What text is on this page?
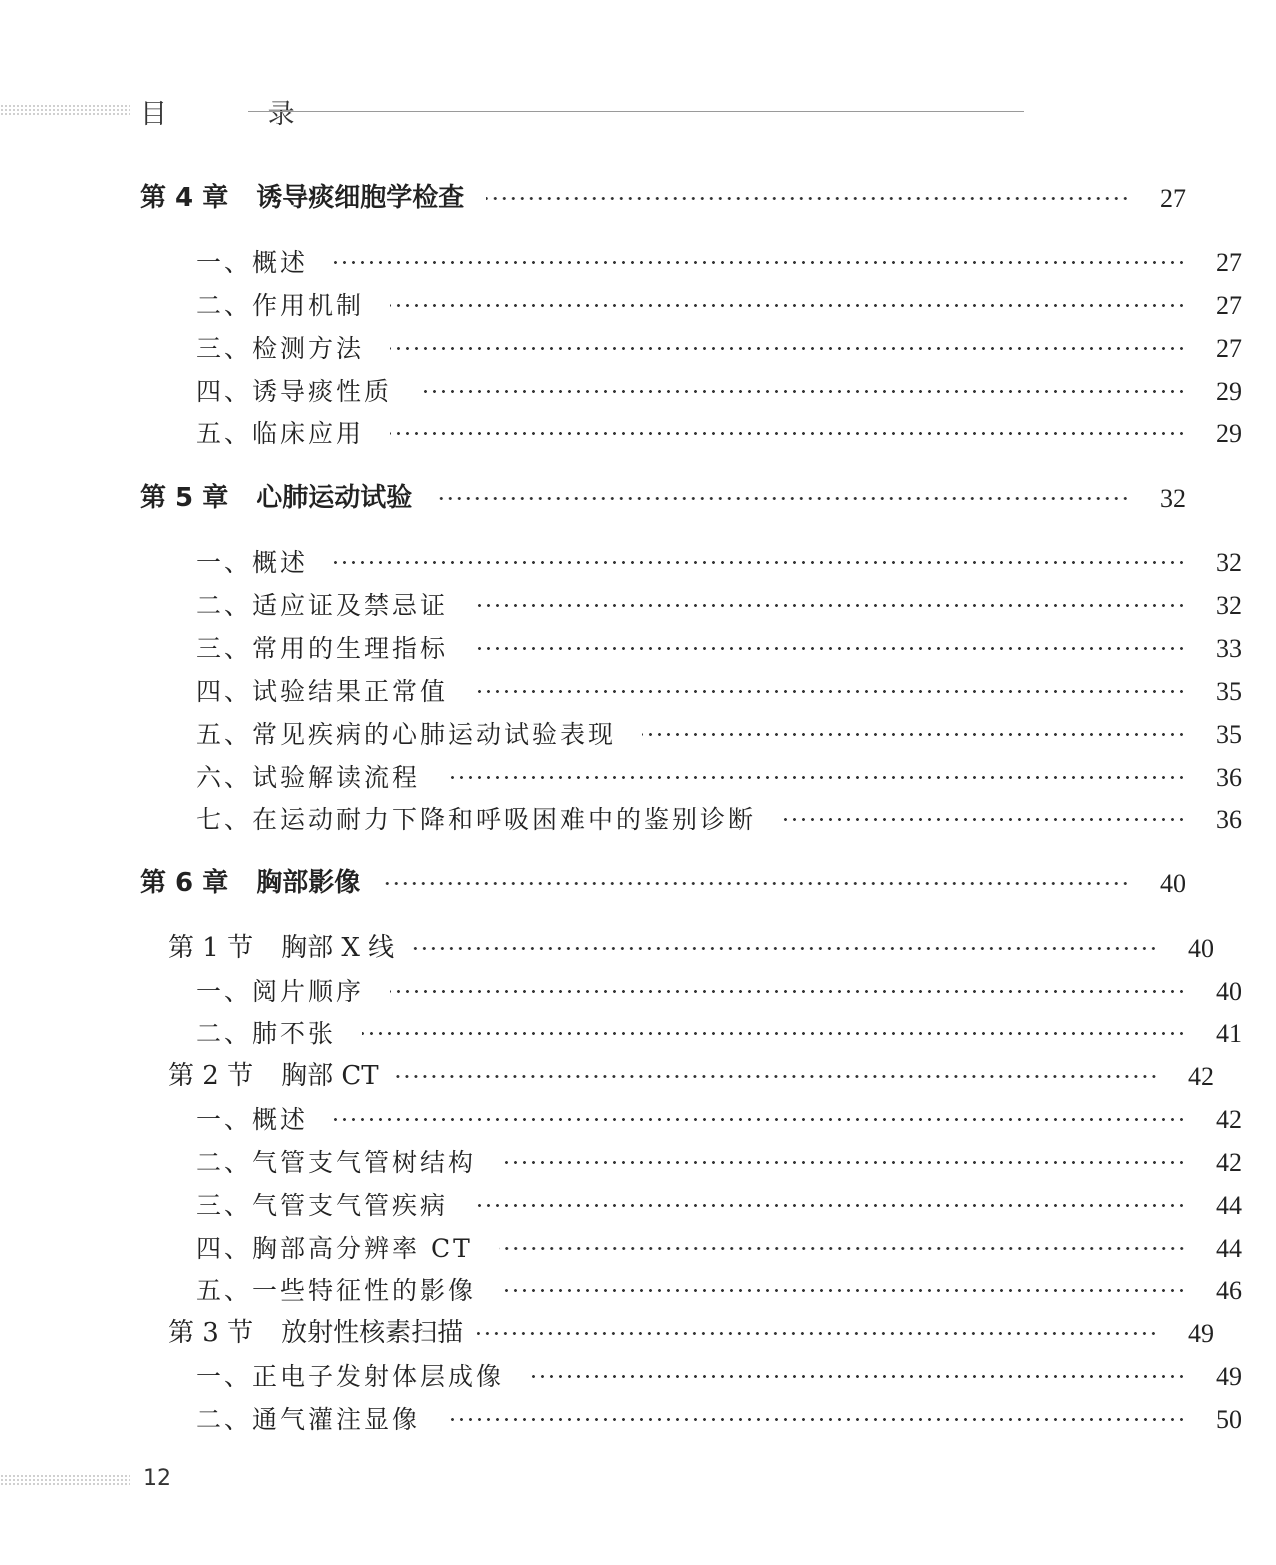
目 录
第 4 章 诱导痰细胞学检查	27
一、概述	27
二、作用机制	27
三、检测方法	27
四、诱导痰性质	29
五、临床应用	29
第 5 章 心肺运动试验	32
一、概述	32
二、适应证及禁忌证	32
三、常用的生理指标	33
四、试验结果正常值	35
五、常见疾病的心肺运动试验表现	35
六、试验解读流程	36
七、在运动耐力下降和呼吸困难中的鉴别诊断	36
第 6 章 胸部影像	40
第 1 节 胸部 X 线	40
一、阅片顺序	40
二、肺不张	41
第 2 节 胸部 CT	42
一、概述	42
二、气管支气管树结构	42
三、气管支气管疾病	44
四、胸部高分辨率 CT	44
五、一些特征性的影像	46
第 3 节 放射性核素扫描	49
一、正电子发射体层成像	49
二、通气灌注显像	50
12
